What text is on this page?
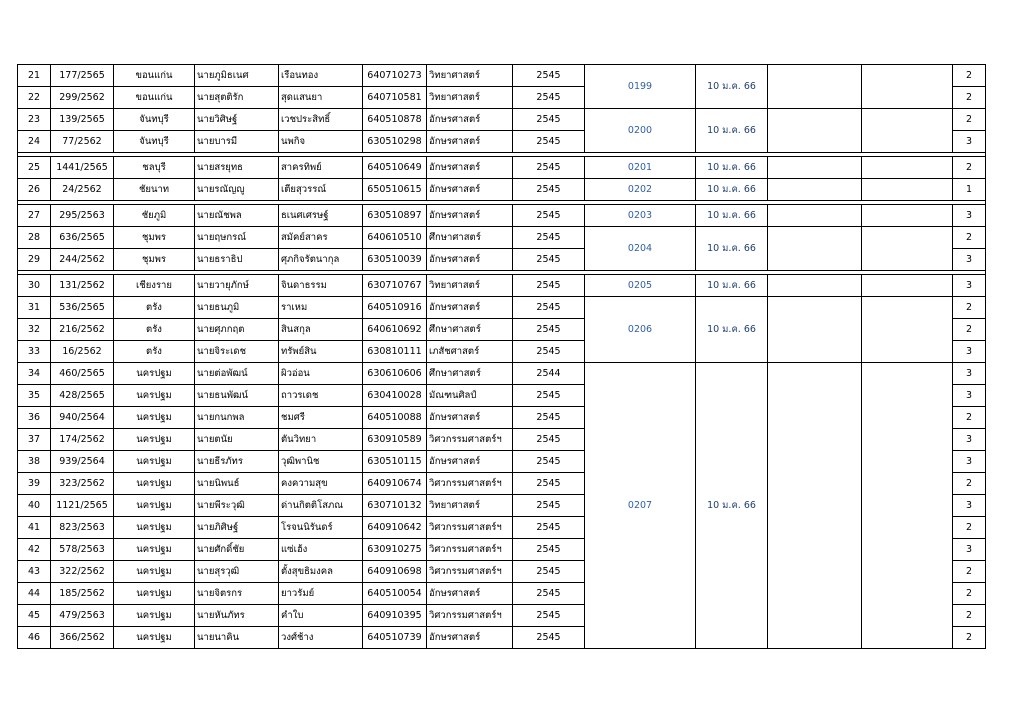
21	177/2565	ขอนแก่น	นายภูมิธเนศ	เรือนทอง	640710273	วิทยาศาสตร์	2545	0199	10 ม.ค. 66			2
22	299/2562	ขอนแก่น	นายสุตติรัก	สุดแสนยา	640710581	วิทยาศาสตร์	2545					2
23	139/2565	จันทบุรี	นายวิศิษฐ์	เวชประสิทธิ์	640510878	อักษรศาสตร์	2545	0200	10 ม.ค. 66			2
24	77/2562	จันทบุรี	นายบารมี	นพกิจ	630510298	อักษรศาสตร์	2545					3

25	1441/2565	ชลบุรี	นายสรยุทธ	สาครทิพย์	640510649	อักษรศาสตร์	2545	0201	10 ม.ค. 66			2
26	24/2562	ชัยนาท	นายรณัญญู	เตียสุวรรณ์	650510615	อักษรศาสตร์	2545	0202	10 ม.ค. 66			1

27	295/2563	ชัยภูมิ	นายณัชพล	ธเนศเศรษฐ์	630510897	อักษรศาสตร์	2545	0203	10 ม.ค. 66			3
28	636/2565	ชุมพร	นายฤษกรณ์	สมัคย์สาคร	640610510	ศึกษาศาสตร์	2545	0204	10 ม.ค. 66			2
29	244/2562	ชุมพร	นายธราธิป	ศุภกิจรัตนากุล	630510039	อักษรศาสตร์	2545					3

30	131/2562	เชียงราย	นายวายุภักษ์	จินดาธรรม	630710767	วิทยาศาสตร์	2545	0205	10 ม.ค. 66			3
31	536/2565	ตรัง	นายธนภูมิ	ราเหม	640510916	อักษรศาสตร์	2545	0206	10 ม.ค. 66			2
32	216/2562	ตรัง	นายศุภกฤต	สินสกุล	640610692	ศึกษาศาสตร์	2545					2
33	16/2562	ตรัง	นายจิระเดช	ทรัพย์สิน	630810111	เภสัชศาสตร์	2545					3
34	460/2565	นครปฐม	นายต่อพัฒน์	ผิวอ่อน	630610606	ศึกษาศาสตร์	2544	0207	10 ม.ค. 66			3
35	428/2565	นครปฐม	นายธนพัฒน์	ถาวรเดช	630410028	มัณฑนศิลป์	2545					3
36	940/2564	นครปฐม	นายกนกพล	ชมศรี	640510088	อักษรศาสตร์	2545					2
37	174/2562	นครปฐม	นายตนัย	ตันวิทยา	630910589	วิศวกรรมศาสตร์ฯ	2545					3
38	939/2564	นครปฐม	นายธีรภัทร	วุฒิพานิช	630510115	อักษรศาสตร์	2545					3
39	323/2562	นครปฐม	นายนิพนธ์	คงความสุข	640910674	วิศวกรรมศาสตร์ฯ	2545					2
40	1121/2565	นครปฐม	นายพีระวุฒิ	ด่านกิตติโสภณ	630710132	วิทยาศาสตร์	2545					3
41	823/2563	นครปฐม	นายภิศิษฐ์	โรจนนิรันดร์	640910642	วิศวกรรมศาสตร์ฯ	2545					2
42	578/2563	นครปฐม	นายศักดิ์ชัย	แซ่เฮ้ง	630910275	วิศวกรรมศาสตร์ฯ	2545					3
43	322/2562	นครปฐม	นายสุรวุฒิ	ตั้งสุขธิมงคล	640910698	วิศวกรรมศาสตร์ฯ	2545					2
44	185/2562	นครปฐม	นายจิตรกร	ยาวรัมย์	640510054	อักษรศาสตร์	2545					2
45	479/2563	นครปฐม	นายหันภัทร	คำใบ	640910395	วิศวกรรมศาสตร์ฯ	2545					2
46	366/2562	นครปฐม	นายนาคิน	วงศ์ช้าง	640510739	อักษรศาสตร์	2545					2
